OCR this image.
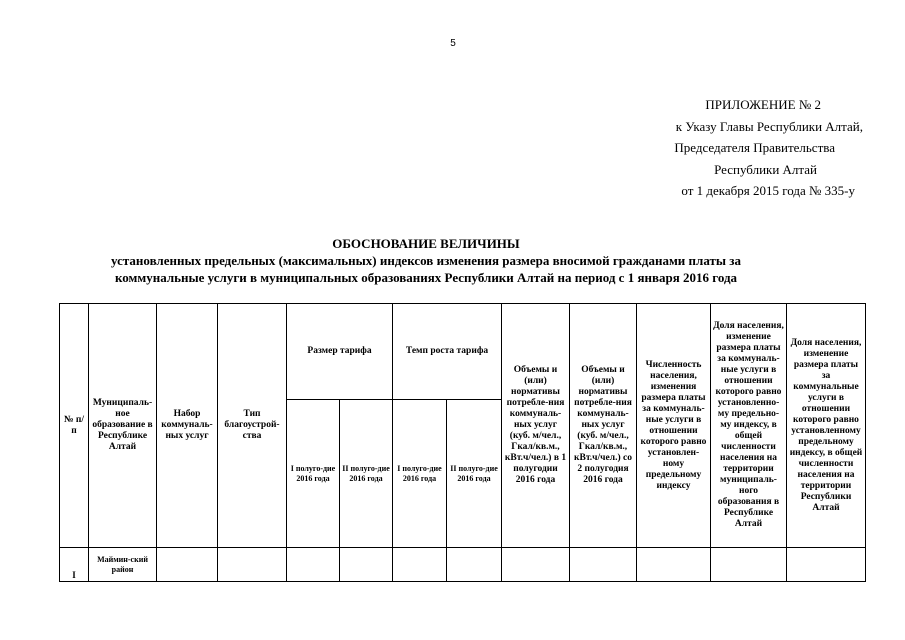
5
ПРИЛОЖЕНИЕ № 2
к Указу Главы Республики Алтай,
Председателя Правительства
Республики Алтай
от 1 декабря 2015 года № 335-у
ОБОСНОВАНИЕ ВЕЛИЧИНЫ
установленных предельных (максимальных) индексов изменения размера вносимой гражданами платы за
коммунальные услуги в муниципальных образованиях Республики Алтай на период с 1 января 2016 года
№ п/п	Муниципаль-ное образование в Республике Алтай	Набор коммуналь-ных услуг	Тип благоустрой-ства	Размер тарифа		Темп роста тарифа		Объемы и (или) нормативы потребле-ния коммуналь-ных услуг (куб. м/чел., Гкал/кв.м., кВт.ч/чел.) в 1 полугодии 2016 года	Объемы и (или) нормативы потребле-ния коммуналь-ных услуг (куб. м/чел., Гкал/кв.м., кВт.ч/чел.) со 2 полугодия 2016 года	Численность населения, изменения размера платы за коммуналь-ные услуги в отношении которого равно установлен-ному предельному индексу	Доля населения, изменение размера платы за коммуналь-ные услуги в отношении которого равно установленно-му предельно-му индексу, в общей численности населения на территории муниципаль-ного образования в Республике Алтай	Доля населения, изменение размера платы за коммунальные услуги в отношении которого равно установленному предельному индексу, в общей численности населения на территории Республики Алтай
				I полуго-дие 2016 года	II полуго-дие 2016 года	I полуго-дие 2016 года	II полуго-дие 2016 года					
I	Маймин-ский район											
